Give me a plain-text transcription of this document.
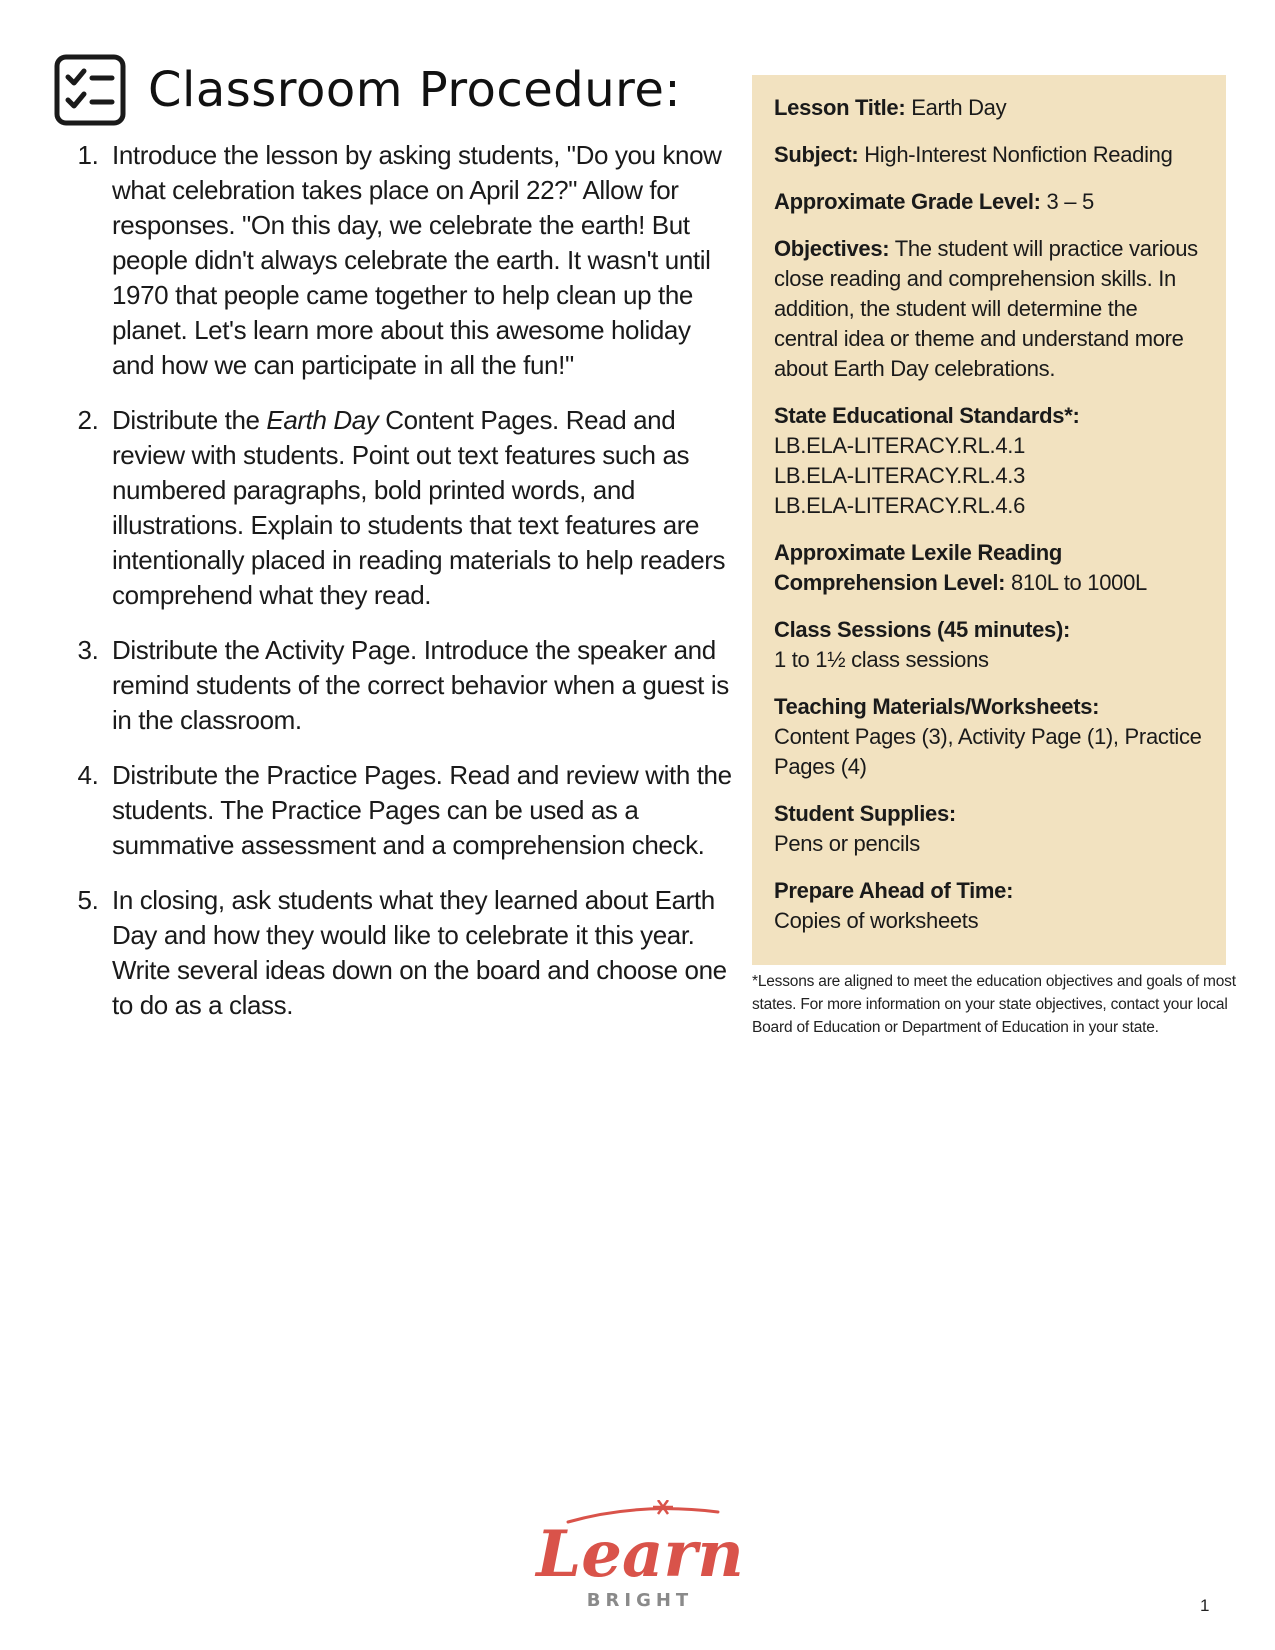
Classroom Procedure:
1. Introduce the lesson by asking students, "Do you know what celebration takes place on April 22?" Allow for responses. "On this day, we celebrate the earth! But people didn't always celebrate the earth. It wasn't until 1970 that people came together to help clean up the planet. Let's learn more about this awesome holiday and how we can participate in all the fun!"
2. Distribute the Earth Day Content Pages. Read and review with students. Point out text features such as numbered paragraphs, bold printed words, and illustrations. Explain to students that text features are intentionally placed in reading materials to help readers comprehend what they read.
3. Distribute the Activity Page. Introduce the speaker and remind students of the correct behavior when a guest is in the classroom.
4. Distribute the Practice Pages. Read and review with the students. The Practice Pages can be used as a summative assessment and a comprehension check.
5. In closing, ask students what they learned about Earth Day and how they would like to celebrate it this year. Write several ideas down on the board and choose one to do as a class.

Lesson Title: Earth Day

Subject: High-Interest Nonfiction Reading

Approximate Grade Level: 3 – 5

Objectives: The student will practice various close reading and comprehension skills. In addition, the student will determine the central idea or theme and understand more about Earth Day celebrations.

State Educational Standards*:
LB.ELA-LITERACY.RL.4.1
LB.ELA-LITERACY.RL.4.3
LB.ELA-LITERACY.RL.4.6

Approximate Lexile Reading Comprehension Level: 810L to 1000L

Class Sessions (45 minutes):
1 to 1½ class sessions

Teaching Materials/Worksheets:
Content Pages (3), Activity Page (1), Practice Pages (4)

Student Supplies:
Pens or pencils

Prepare Ahead of Time:
Copies of worksheets

*Lessons are aligned to meet the education objectives and goals of most states. For more information on your state objectives, contact your local Board of Education or Department of Education in your state.
Learn
BRIGHT	1
